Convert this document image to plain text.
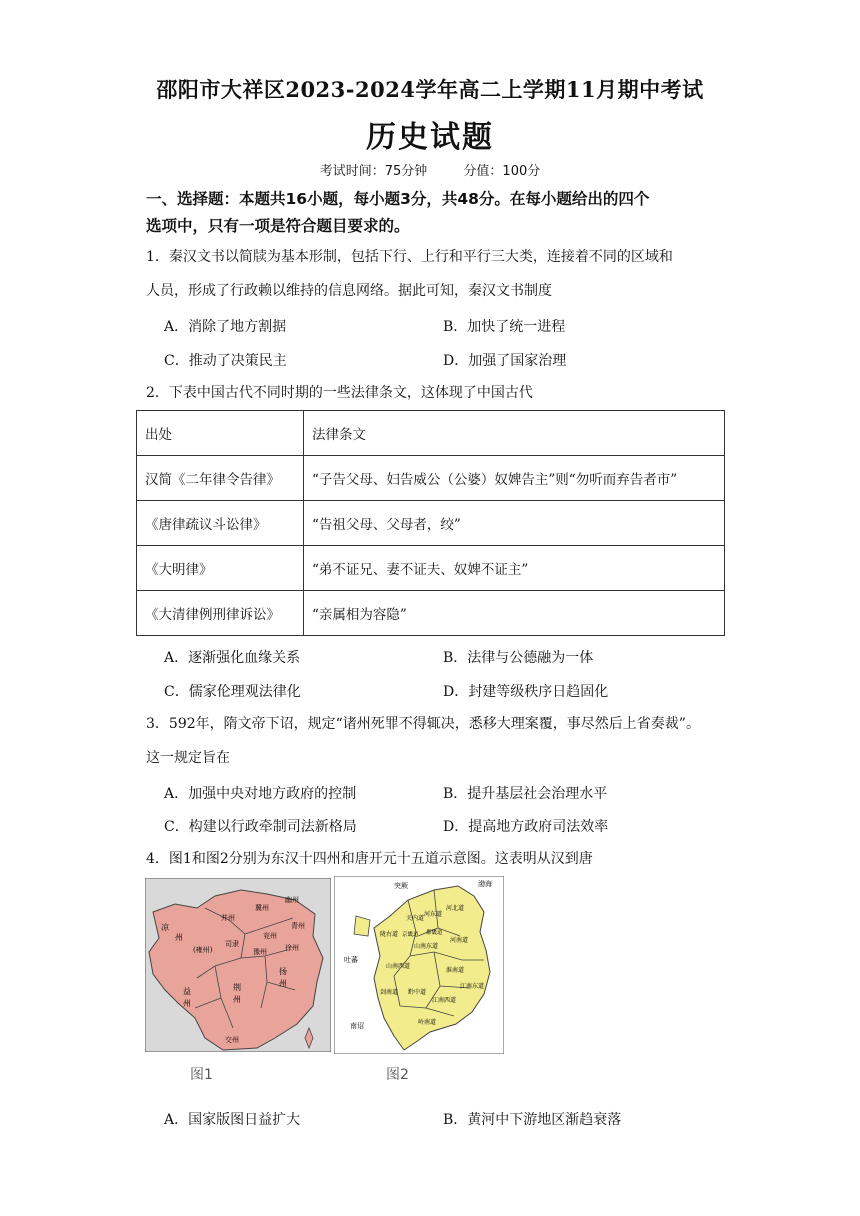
邵阳市大祥区2023-2024学年高二上学期11月期中考试
历史试题
考试时间：75分钟	分值：100分
一、选择题：本题共16小题，每小题3分，共48分。在每小题给出的四个
选项中，只有一项是符合题目要求的。
1．秦汉文书以简牍为基本形制，包括下行、上行和平行三大类，连接着不同的区域和
人员，形成了行政赖以维持的信息网络。据此可知，秦汉文书制度
A．消除了地方割据	B．加快了统一进程
C．推动了决策民主	D．加强了国家治理
2．下表中国古代不同时期的一些法律条文，这体现了中国古代
出处	法律条文
汉简《二年律令告律》	“子告父母、妇告威公（公婆）奴婢告主”则“勿听而弃告者市”
《唐律疏议斗讼律》	“告祖父母、父母者，绞”
《大明律》	“弟不证兄、妻不证夫、奴婢不证主”
《大清律例刑律诉讼》	“亲属相为容隐”
A．逐渐强化血缘关系	B．法律与公德融为一体
C．儒家伦理观法律化	D．封建等级秩序日趋固化
3．592年，隋文帝下诏，规定“诸州死罪不得辄决，悉移大理案覆，事尽然后上省奏裁”。
这一规定旨在
A．加强中央对地方政府的控制	B．提升基层社会治理水平
C．构建以行政牵制司法新格局	D．提高地方政府司法效率
4．图1和图2分别为东汉十四州和唐开元十五道示意图。这表明从汉到唐
凉
州
并州
冀州
幽州
青州
兖州
豫州	徐州
(雍州)
司隶
益
州
荆
州
扬
州
交州
图1
突厥	渤海
吐蕃
南诏
关内道
河东道
河北道
河南道
山南东道
山南西道
淮南道
剑南道 黔中道
江南西道
江南东道
岭南道
陇右道 京畿道 都畿道
图2
A．国家版图日益扩大	B．黄河中下游地区渐趋衰落
